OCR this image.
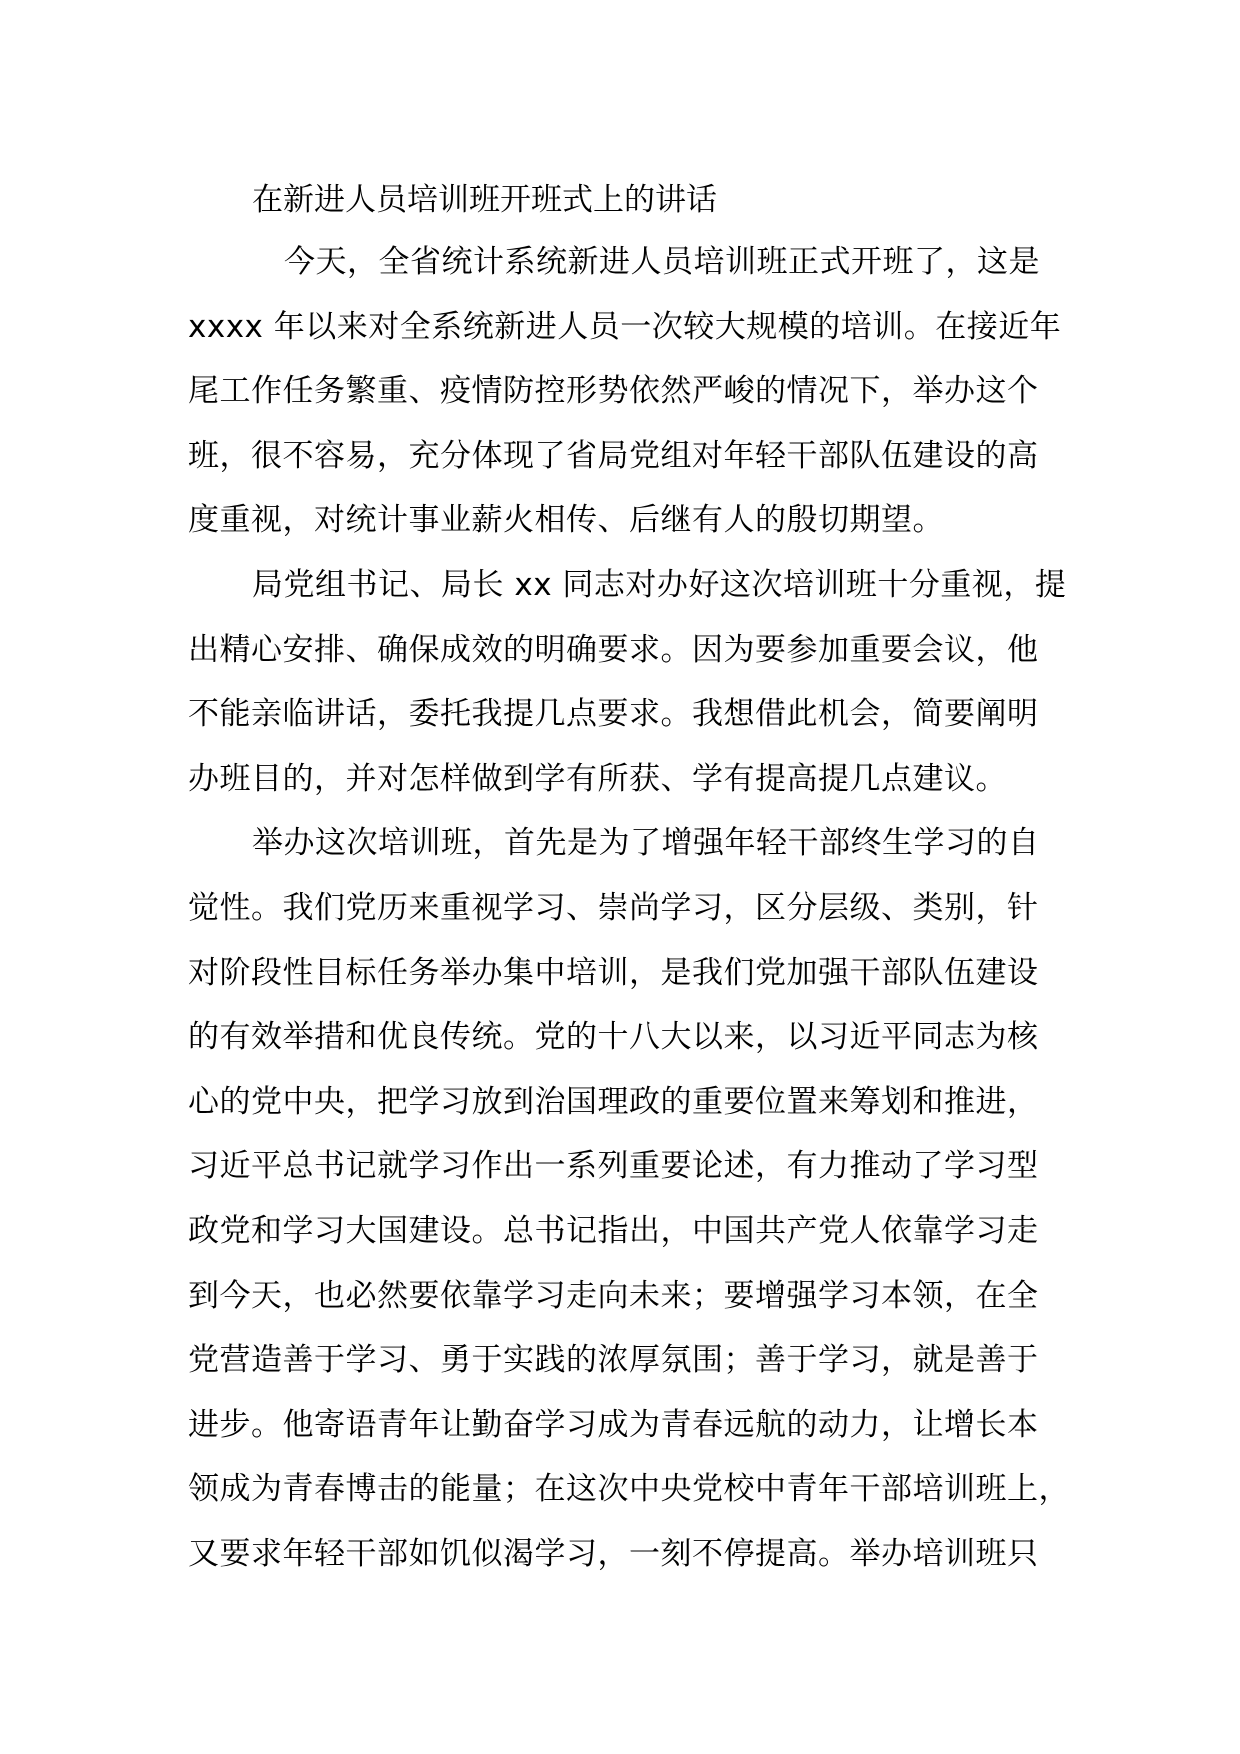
在新进人员培训班开班式上的讲话

今天，全省统计系统新进人员培训班正式开班了，这是
xxxx 年以来对全系统新进人员一次较大规模的培训。在接近年
尾工作任务繁重、疫情防控形势依然严峻的情况下，举办这个
班，很不容易，充分体现了省局党组对年轻干部队伍建设的高
度重视，对统计事业薪火相传、后继有人的殷切期望。

局党组书记、局长 xx 同志对办好这次培训班十分重视，提
出精心安排、确保成效的明确要求。因为要参加重要会议，他
不能亲临讲话，委托我提几点要求。我想借此机会，简要阐明
办班目的，并对怎样做到学有所获、学有提高提几点建议。

举办这次培训班，首先是为了增强年轻干部终生学习的自
觉性。我们党历来重视学习、崇尚学习，区分层级、类别，针
对阶段性目标任务举办集中培训，是我们党加强干部队伍建设
的有效举措和优良传统。党的十八大以来，以习近平同志为核
心的党中央，把学习放到治国理政的重要位置来筹划和推进，
习近平总书记就学习作出一系列重要论述，有力推动了学习型
政党和学习大国建设。总书记指出，中国共产党人依靠学习走
到今天，也必然要依靠学习走向未来；要增强学习本领，在全
党营造善于学习、勇于实践的浓厚氛围；善于学习，就是善于
进步。他寄语青年让勤奋学习成为青春远航的动力，让增长本
领成为青春博击的能量；在这次中央党校中青年干部培训班上，
又要求年轻干部如饥似渴学习，一刻不停提高。举办培训班只
